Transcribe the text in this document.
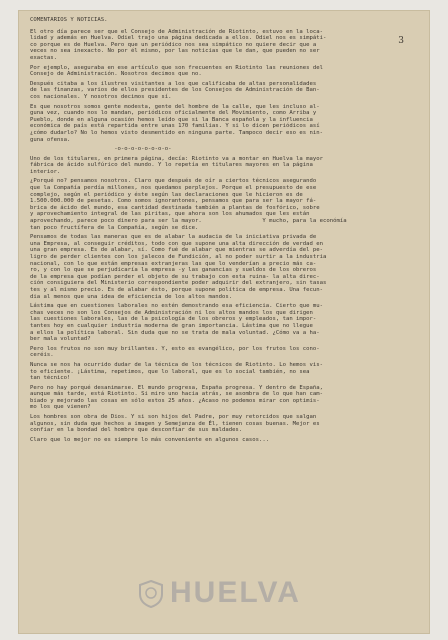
3
COMENTARIOS Y NOTICIAS.
El otro día parece ser que el Consejo de Administración de Riotinto, estuvo en la loca-
lidad y además en Huelva. Odiel trajo una página dedicada a ellos. Odiel nos es simpáti-
co porque es de Huelva. Pero que un periódico nos sea simpático no quiere decir que a
veces no sea inexacto. No por él mismo, por las noticias que le dan, que pueden no ser
exactas.
Por ejemplo, aseguraba en ese artículo que son frecuentes en Riotinto las reuniones del
Consejo de Administración. Nosotros decimos que no.
Después citaba a los ilustres visitantes a los que calificaba de altas personalidades
de las finanzas, varios de ellos presidentes de los Consejos de Administración de Ban-
cos nacionales. Y nosotros decimos que sí.
Es que nosotros somos gente modesta, gente del hombre de la calle, que les incluso al-
guna vez, cuando nos lo mandan, periódicos oficialmente del Movimiento, como Arriba y
Pueblo, donde en alguna ocasión hemos leído que si la Banca española y la influencia
económica de país está repartida entre unas 170 familias. Y si lo dicen periódicos así
¿cómo dudarlo? No lo hemos visto desmentido en ninguna parte. Tampoco decir eso es nin-
guna ofensa.
-o-o-o-o-o-o-o-o-
Uno de los titulares, en primera página, decía: Riotinto va a montar en Huelva la mayor
fábrica de ácido sulfúrico del mundo. Y lo repetía en titulares mayores en la página
interior.
¿Porqué no? pensamos nosotros. Claro que después de oír a ciertos técnicos asegurando
que la Compañía perdía millones, nos quedamos perplejos. Porque el presupuesto de ese
complejo, según el periódico y éste según las declaraciones que le hicieron es de
1.500.000.000 de pesetas. Como somos ignorantones, pensamos que para ser la mayor fá-
brica de ácido del mundo, esa cantidad destinada también a plantas de fosfórico, sobre
y aprovechamiento integral de las piritas, que ahora son los ahumados que les están
aprovechando, parece poco dinero para ser la mayor.                  Y mucho, para la económía
tan poco fructífera de la Compañía, según se dice.
Pensamos de todas las maneras que es de alabar la audacia de la iniciativa privada de
una Empresa, al conseguir créditos, todo con que supone una alta dirección de verdad en
una gran empresa. Es de alabar, sí. Como fué de alabar que mientras se adverdía del pe-
ligro de perder clientes con los jalecos de Fundición, al no poder surtir a la industria
nacional, con lo que están empresas extranjeras las que lo venderían a precio más ca-
ro, y con lo que se perjudicaría la empresa -y las ganancias y sueldos de los obreros
de la empresa que podían perder el objeto de su trabajo con esta ruina- la alta direc-
ción consiguiera del Ministerio correspondiente poder adquirir del extranjero, sin tasas
tes y al mismo precio. Es de alabar ésto, porque supone política de empresa. Una fecun-
dia al menos que una idea de eficiencia de los altos mandos.
Lástima que en cuestiones laborales no estén demostrando esa eficiencia. Cierto que mu-
chas veces no son los Consejos de Administración ni los altos mandos los que dirigen
las cuestiones laborales, las de la psicología de los obreros y empleados, tan impor-
tantes hoy en cualquier industria moderna de gran importancia. Lástima que no llegue
a ellos la política laboral. Sin duda que no se trata de mala voluntad. ¿Cómo va a ha-
ber mala voluntad?
Pero los frutos no son muy brillantes. Y, esto es evangélico, por los frutos los cono-
ceréis.
Nunca se nos ha ocurrido dudar de la técnica de los técnicos de Riotinto. Lo hemos vis-
to eficiente. ¡Lástima, repetimos, que lo laboral, que es lo social también, no sea
tan técnico!
Pero no hay porqué desanimarse. El mundo progresa, España progresa. Y dentro de España,
aunque más tarde, está Riotinto. Si miro uno hacia atrás, se asombra de lo que han cam-
biado y mejorado las cosas en sólo estos 25 años. ¿Acaso no podemos mirar con optimis-
mo los que vienen?
Los hombres son obra de Dios. Y si son hijos del Padre, por muy retorcidos que salgan
algunos, sin duda que hechos a imagen y Semejanza de Él, tienen cosas buenas. Mejor es
confiar en la bondad del hombre que desconfiar de sus maldades.
Claro que lo mejor no es siempre lo más conveniente en algunos casos...
HUELVA
